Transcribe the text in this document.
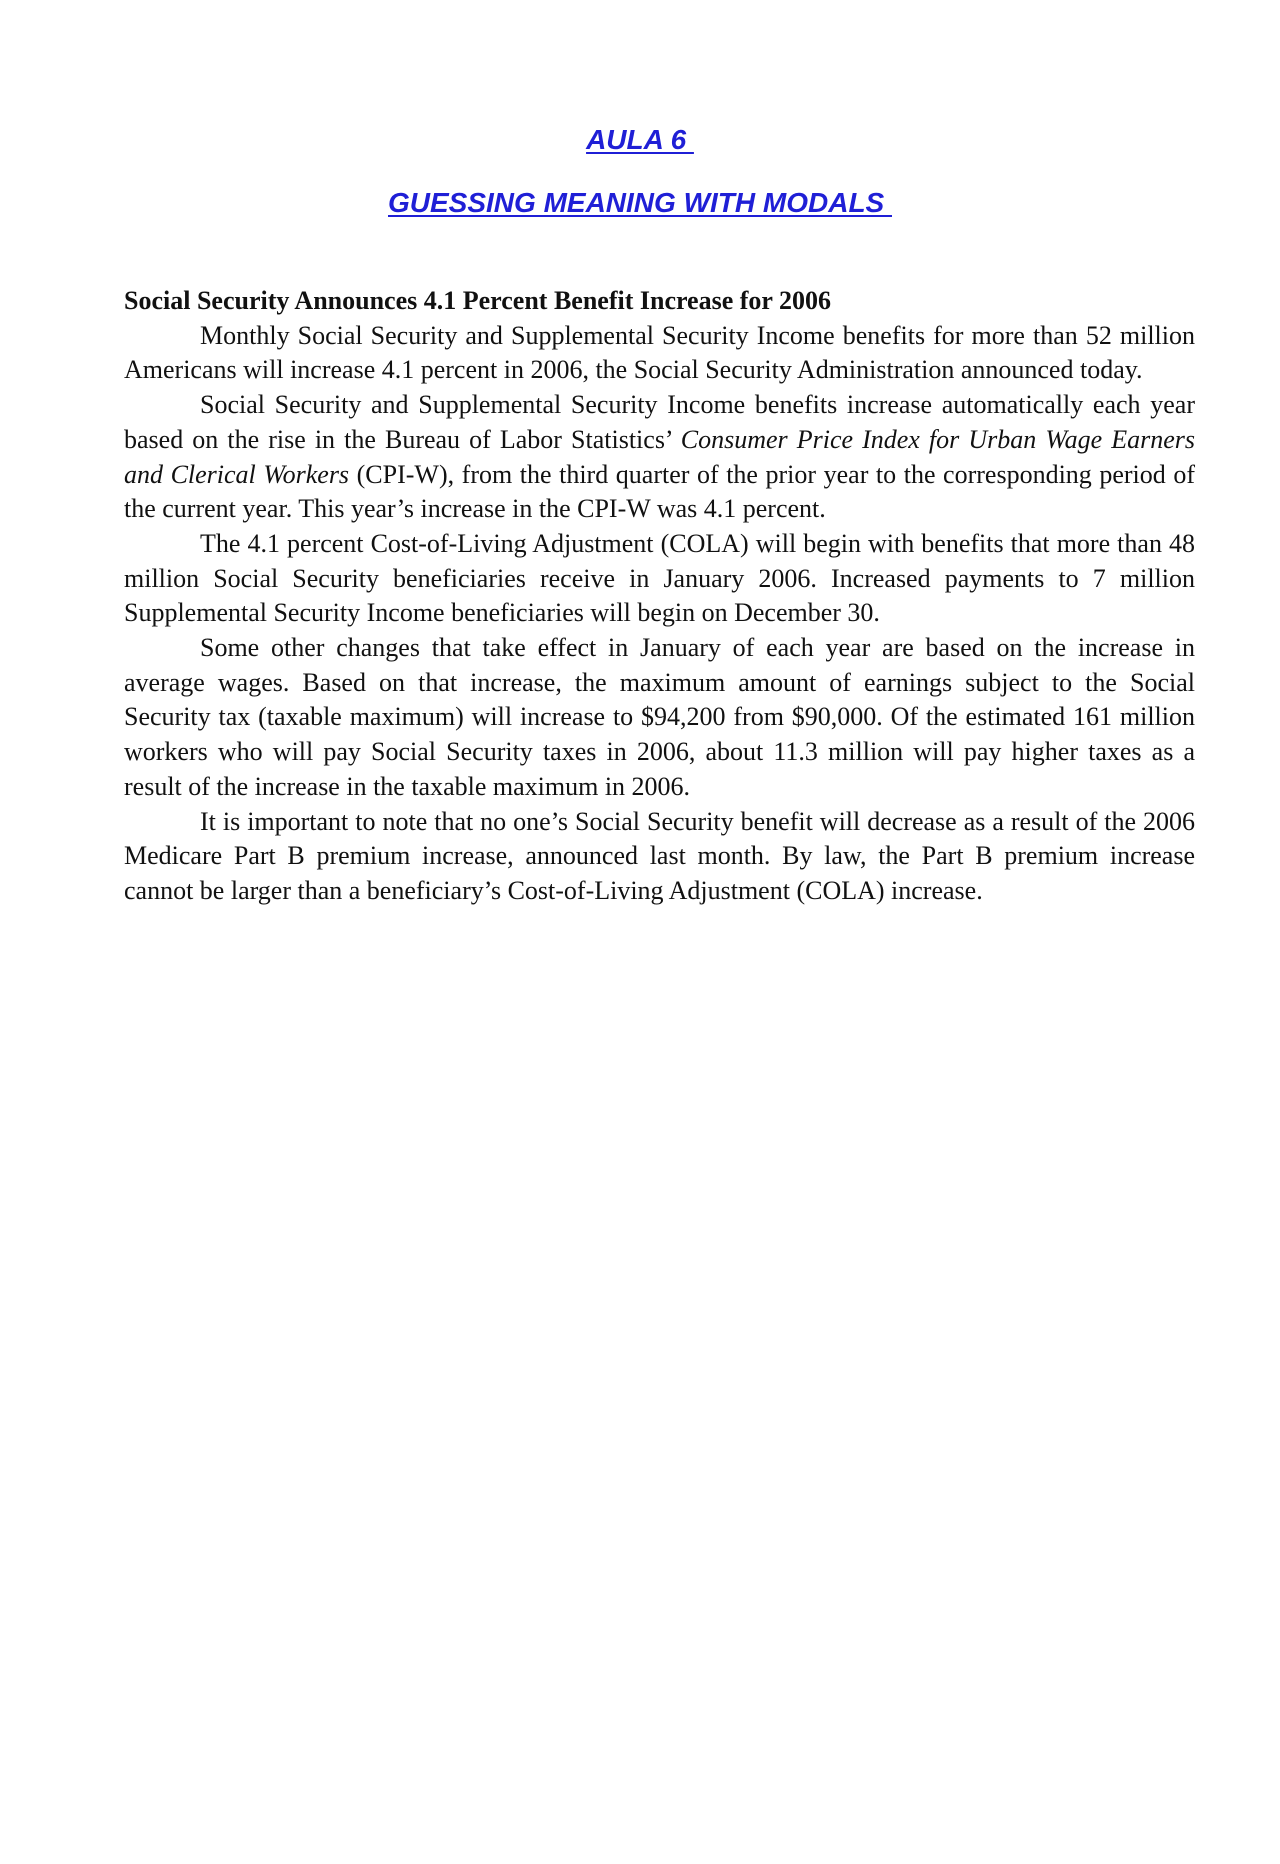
AULA 6
GUESSING MEANING WITH MODALS

Social Security Announces 4.1 Percent Benefit Increase for 2006

Monthly Social Security and Supplemental Security Income benefits for more than 52 million Americans will increase 4.1 percent in 2006, the Social Security Administration announced today.

Social Security and Supplemental Security Income benefits increase automatically each year based on the rise in the Bureau of Labor Statistics’ Consumer Price Index for Urban Wage Earners and Clerical Workers (CPI-W), from the third quarter of the prior year to the corresponding period of the current year. This year’s increase in the CPI-W was 4.1 percent.

The 4.1 percent Cost-of-Living Adjustment (COLA) will begin with benefits that more than 48 million Social Security beneficiaries receive in January 2006. Increased payments to 7 million Supplemental Security Income beneficiaries will begin on December 30.

Some other changes that take effect in January of each year are based on the increase in average wages. Based on that increase, the maximum amount of earnings subject to the Social Security tax (taxable maximum) will increase to $94,200 from $90,000. Of the estimated 161 million workers who will pay Social Security taxes in 2006, about 11.3 million will pay higher taxes as a result of the increase in the taxable maximum in 2006.

It is important to note that no one’s Social Security benefit will decrease as a result of the 2006 Medicare Part B premium increase, announced last month. By law, the Part B premium increase cannot be larger than a beneficiary’s Cost-of-Living Adjustment (COLA) increase.
